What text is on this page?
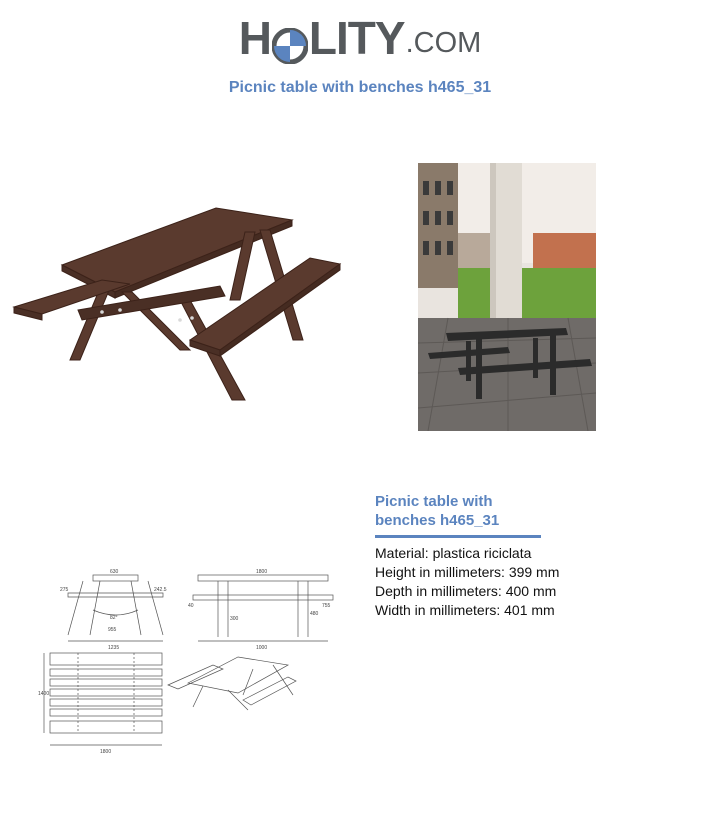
H LITY .COM
Picnic table with benches h465_31
630
275	242.5
82°
955
1235
1800
40
300
480
755
1000
1400
1800
Picnic table with benches h465_31
Material: plastica riciclata
Height in millimeters: 399 mm
Depth in millimeters: 400 mm
Width in millimeters: 401 mm
